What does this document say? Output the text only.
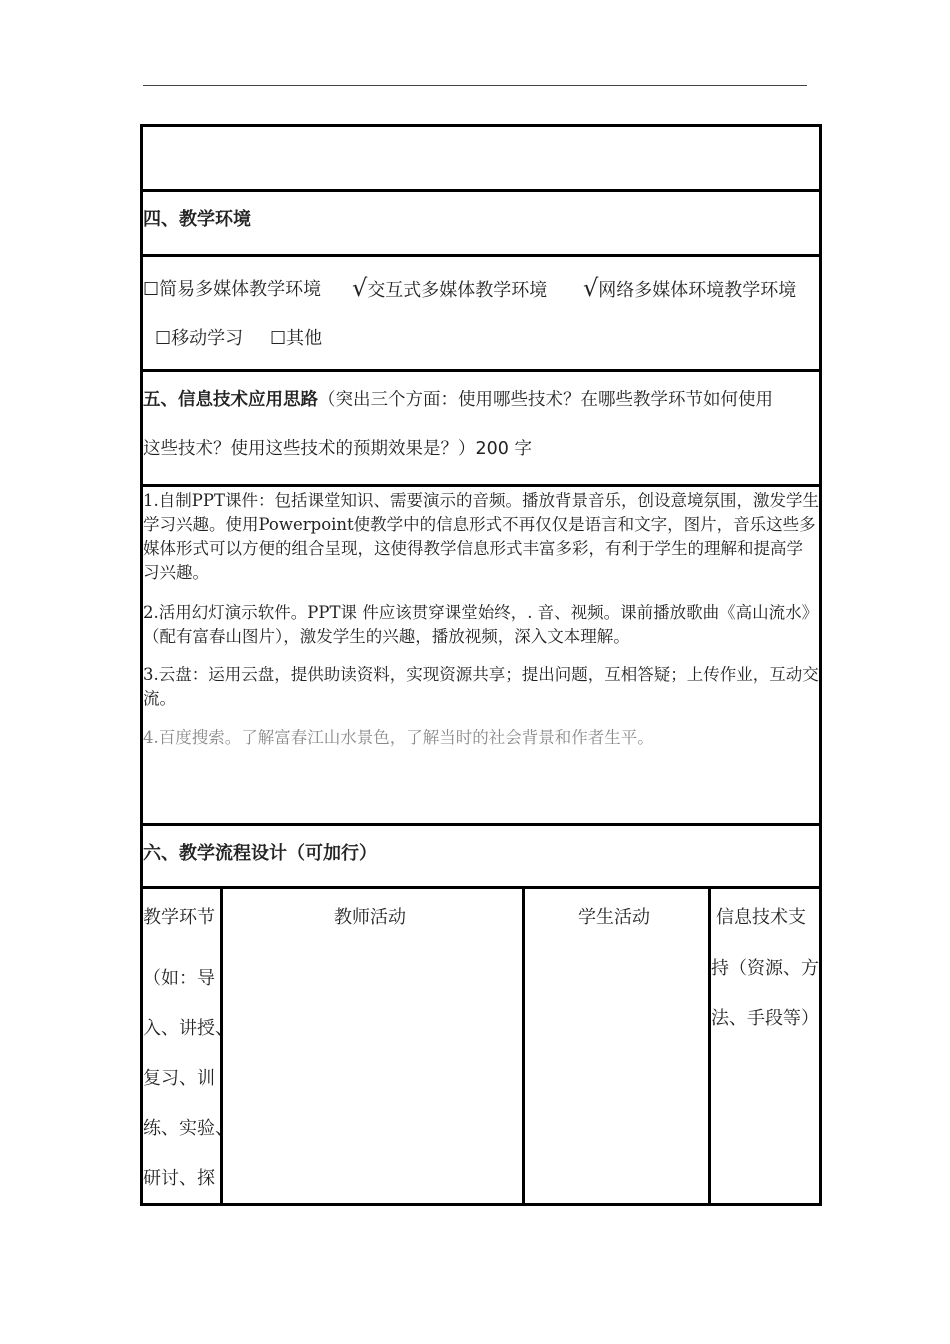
四、教学环境
☐简易多媒体教学环境 √交互式多媒体教学环境 √网络多媒体环境教学环境
☐移动学习 ☐其他
五、信息技术应用思路（突出三个方面：使用哪些技术？在哪些教学环节如何使用
这些技术？使用这些技术的预期效果是？）200 字
1.自制PPT课件：包括课堂知识、需要演示的音频。播放背景音乐，创设意境氛围，激发学生学习兴趣。使用Powerpoint使教学中的信息形式不再仅仅是语言和文字，图片，音乐这些多媒体形式可以方便的组合呈现，这使得教学信息形式丰富多彩，有利于学生的理解和提高学习兴趣。
2.活用幻灯演示软件。PPT课 件应该贯穿课堂始终，. 音、视频。课前播放歌曲《高山流水》（配有富春山图片），激发学生的兴趣，播放视频，深入文本理解。
3.云盘：运用云盘，提供助读资料，实现资源共享；提出问题，互相答疑；上传作业，互动交流。
4.百度搜索。了解富春江山水景色，了解当时的社会背景和作者生平。
六、教学流程设计（可加行）
教学环节
（如：导
入、讲授、
复习、训
练、实验、
研讨、探
教师活动	学生活动	信息技术支
持（资源、方
法、手段等）
